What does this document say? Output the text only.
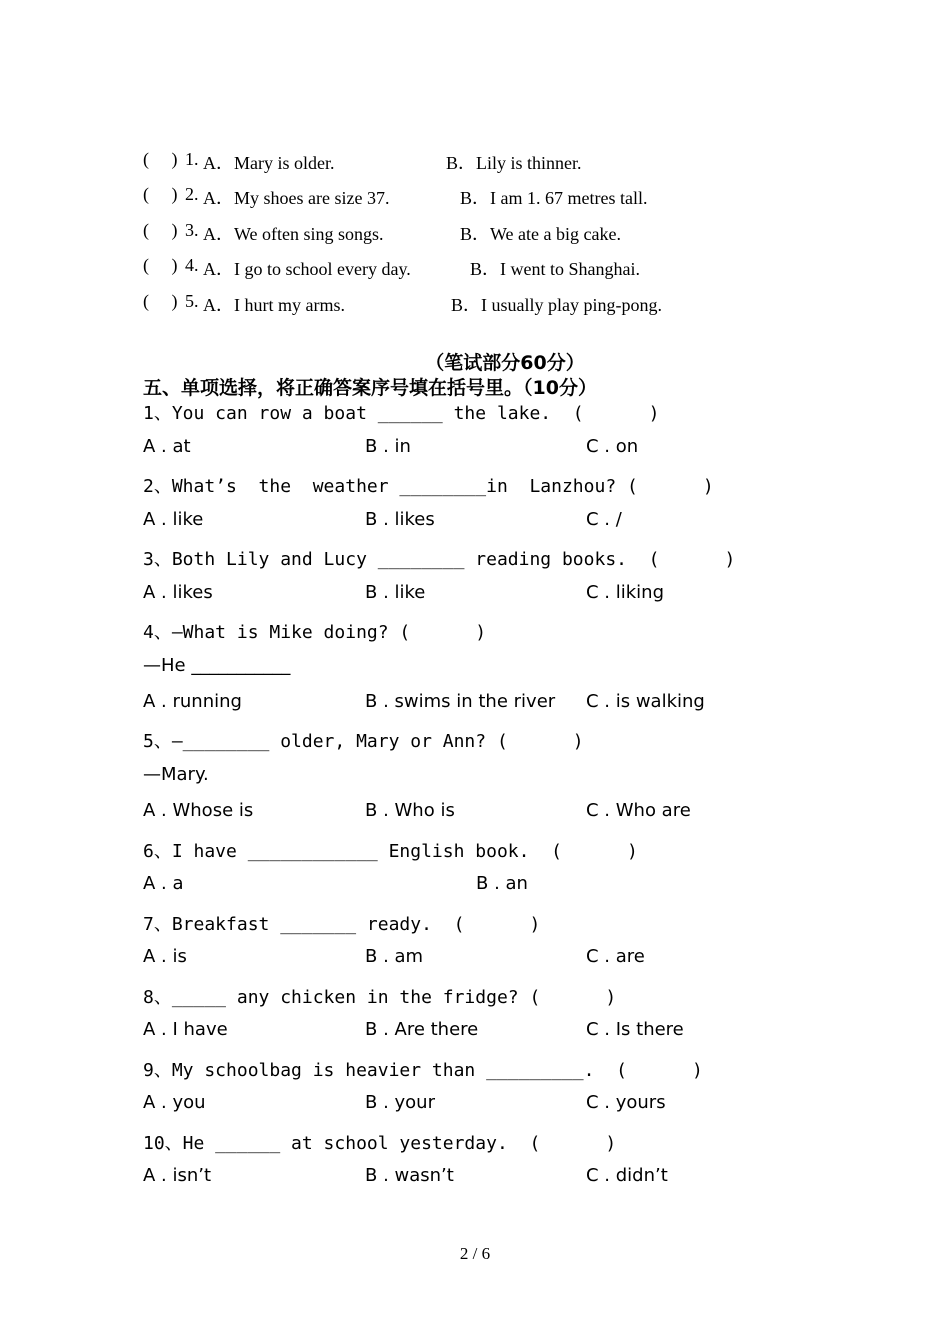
(     ) 1. A．Mary is older.	B．Lily is thinner.
(     ) 2. A．My shoes are size 37.	B．I am 1. 67 metres tall.
(     ) 3. A．We often sing songs.	B．We ate a big cake.
(     ) 4. A．I go to school every day.	B．I went to Shanghai.
(     ) 5. A．I hurt my arms.	B．I usually play ping-pong.
（笔试部分60分）
五、单项选择，将正确答案序号填在括号里。（10分）
1、You can row a boat ______ the lake.  (      )
A . at	B . in	C . on
2、What’s  the  weather ________in  Lanzhou? (      )
A . like	B . likes	C . /
3、Both Lily and Lucy ________ reading books.  (      )
A . likes	B . like	C . liking
4、—What is Mike doing? (      )
—He ___________
A . running	B . swims in the river C . is walking
5、—________ older, Mary or Ann? (      )
—Mary.
A . Whose is	B . Who is	C . Who are
6、I have ____________ English book.  (      )
A . a	B . an
7、Breakfast _______ ready.  (      )
A . is	B . am	C . are
8、_____ any chicken in the fridge? (      )
A . I have	B . Are there	C . Is there
9、My schoolbag is heavier than _________.  (      )
A . you	B . your	C . yours
10、He ______ at school yesterday.  (      )
A . isn’t	B . wasn’t	C . didn’t
2 / 6
